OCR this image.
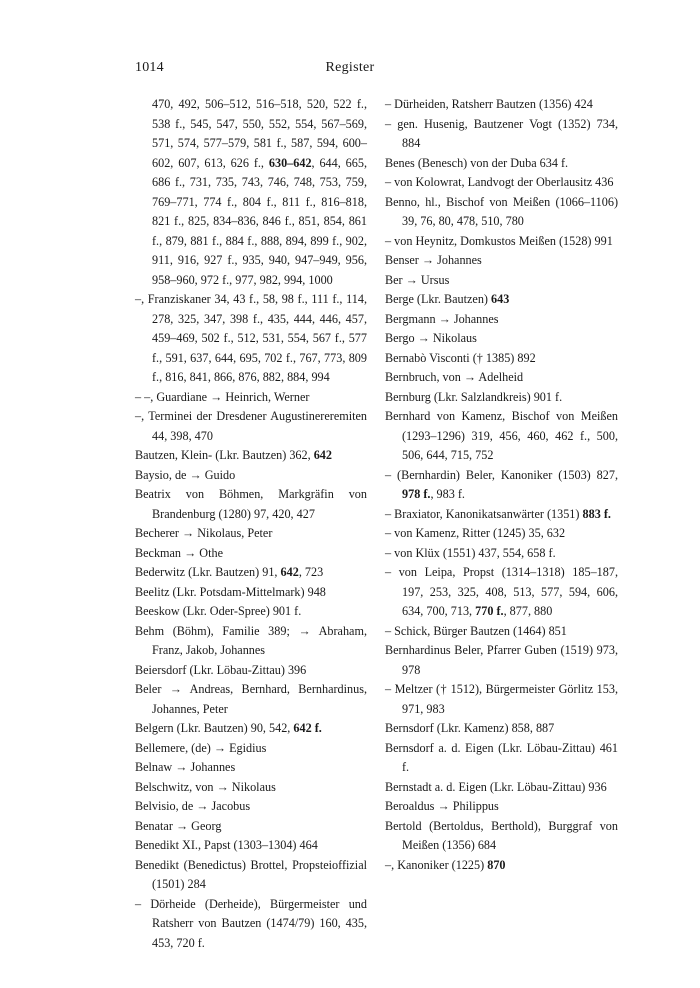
1014	Register

470, 492, 506–512, 516–518, 520, 522 f., 538 f., 545, 547, 550, 552, 554, 567–569, 571, 574, 577–579, 581 f., 587, 594, 600–602, 607, 613, 626 f., 630–642, 644, 665, 686 f., 731, 735, 743, 746, 748, 753, 759, 769–771, 774 f., 804 f., 811 f., 816–818, 821 f., 825, 834–836, 846 f., 851, 854, 861 f., 879, 881 f., 884 f., 888, 894, 899 f., 902, 911, 916, 927 f., 935, 940, 947–949, 956, 958–960, 972 f., 977, 982, 994, 1000

–, Franziskaner 34, 43 f., 58, 98 f., 111 f., 114, 278, 325, 347, 398 f., 435, 444, 446, 457, 459–469, 502 f., 512, 531, 554, 567 f., 577 f., 591, 637, 644, 695, 702 f., 767, 773, 809 f., 816, 841, 866, 876, 882, 884, 994

– –, Guardiane → Heinrich, Werner

–, Terminei der Dresdener Augustinereremiten 44, 398, 470

Bautzen, Klein- (Lkr. Bautzen) 362, 642

Baysio, de → Guido

Beatrix von Böhmen, Markgräfin von Brandenburg (1280) 97, 420, 427

Becherer → Nikolaus, Peter

Beckman → Othe

Bederwitz (Lkr. Bautzen) 91, 642, 723

Beelitz (Lkr. Potsdam-Mittelmark) 948

Beeskow (Lkr. Oder-Spree) 901 f.

Behm (Böhm), Familie 389; → Abraham, Franz, Jakob, Johannes

Beiersdorf (Lkr. Löbau-Zittau) 396

Beler → Andreas, Bernhard, Bernhardinus, Johannes, Peter

Belgern (Lkr. Bautzen) 90, 542, 642 f.

Bellemere, (de) → Egidius

Belnaw → Johannes

Belschwitz, von → Nikolaus

Belvisio, de → Jacobus

Benatar → Georg

Benedikt XI., Papst (1303–1304) 464

Benedikt (Benedictus) Brottel, Propsteioffizial (1501) 284

– Dörheide (Derheide), Bürgermeister und Ratsherr von Bautzen (1474/79) 160, 435, 453, 720 f.

– Dürheiden, Ratsherr Bautzen (1356) 424

– gen. Husenig, Bautzener Vogt (1352) 734, 884

Benes (Benesch) von der Duba 634 f.

– von Kolowrat, Landvogt der Oberlausitz 436

Benno, hl., Bischof von Meißen (1066–1106) 39, 76, 80, 478, 510, 780

– von Heynitz, Domkustos Meißen (1528) 991

Benser → Johannes

Ber → Ursus

Berge (Lkr. Bautzen) 643

Bergmann → Johannes

Bergo → Nikolaus

Bernabò Visconti († 1385) 892

Bernbruch, von → Adelheid

Bernburg (Lkr. Salzlandkreis) 901 f.

Bernhard von Kamenz, Bischof von Meißen (1293–1296) 319, 456, 460, 462 f., 500, 506, 644, 715, 752

– (Bernhardin) Beler, Kanoniker (1503) 827, 978 f., 983 f.

– Braxiator, Kanonikatsanwärter (1351) 883 f.

– von Kamenz, Ritter (1245) 35, 632

– von Klüx (1551) 437, 554, 658 f.

– von Leipa, Propst (1314–1318) 185–187, 197, 253, 325, 408, 513, 577, 594, 606, 634, 700, 713, 770 f., 877, 880

– Schick, Bürger Bautzen (1464) 851

Bernhardinus Beler, Pfarrer Guben (1519) 973, 978

– Meltzer († 1512), Bürgermeister Görlitz 153, 971, 983

Bernsdorf (Lkr. Kamenz) 858, 887

Bernsdorf a. d. Eigen (Lkr. Löbau-Zittau) 461 f.

Bernstadt a. d. Eigen (Lkr. Löbau-Zittau) 936

Beroaldus → Philippus

Bertold (Bertoldus, Berthold), Burggraf von Meißen (1356) 684

–, Kanoniker (1225) 870
